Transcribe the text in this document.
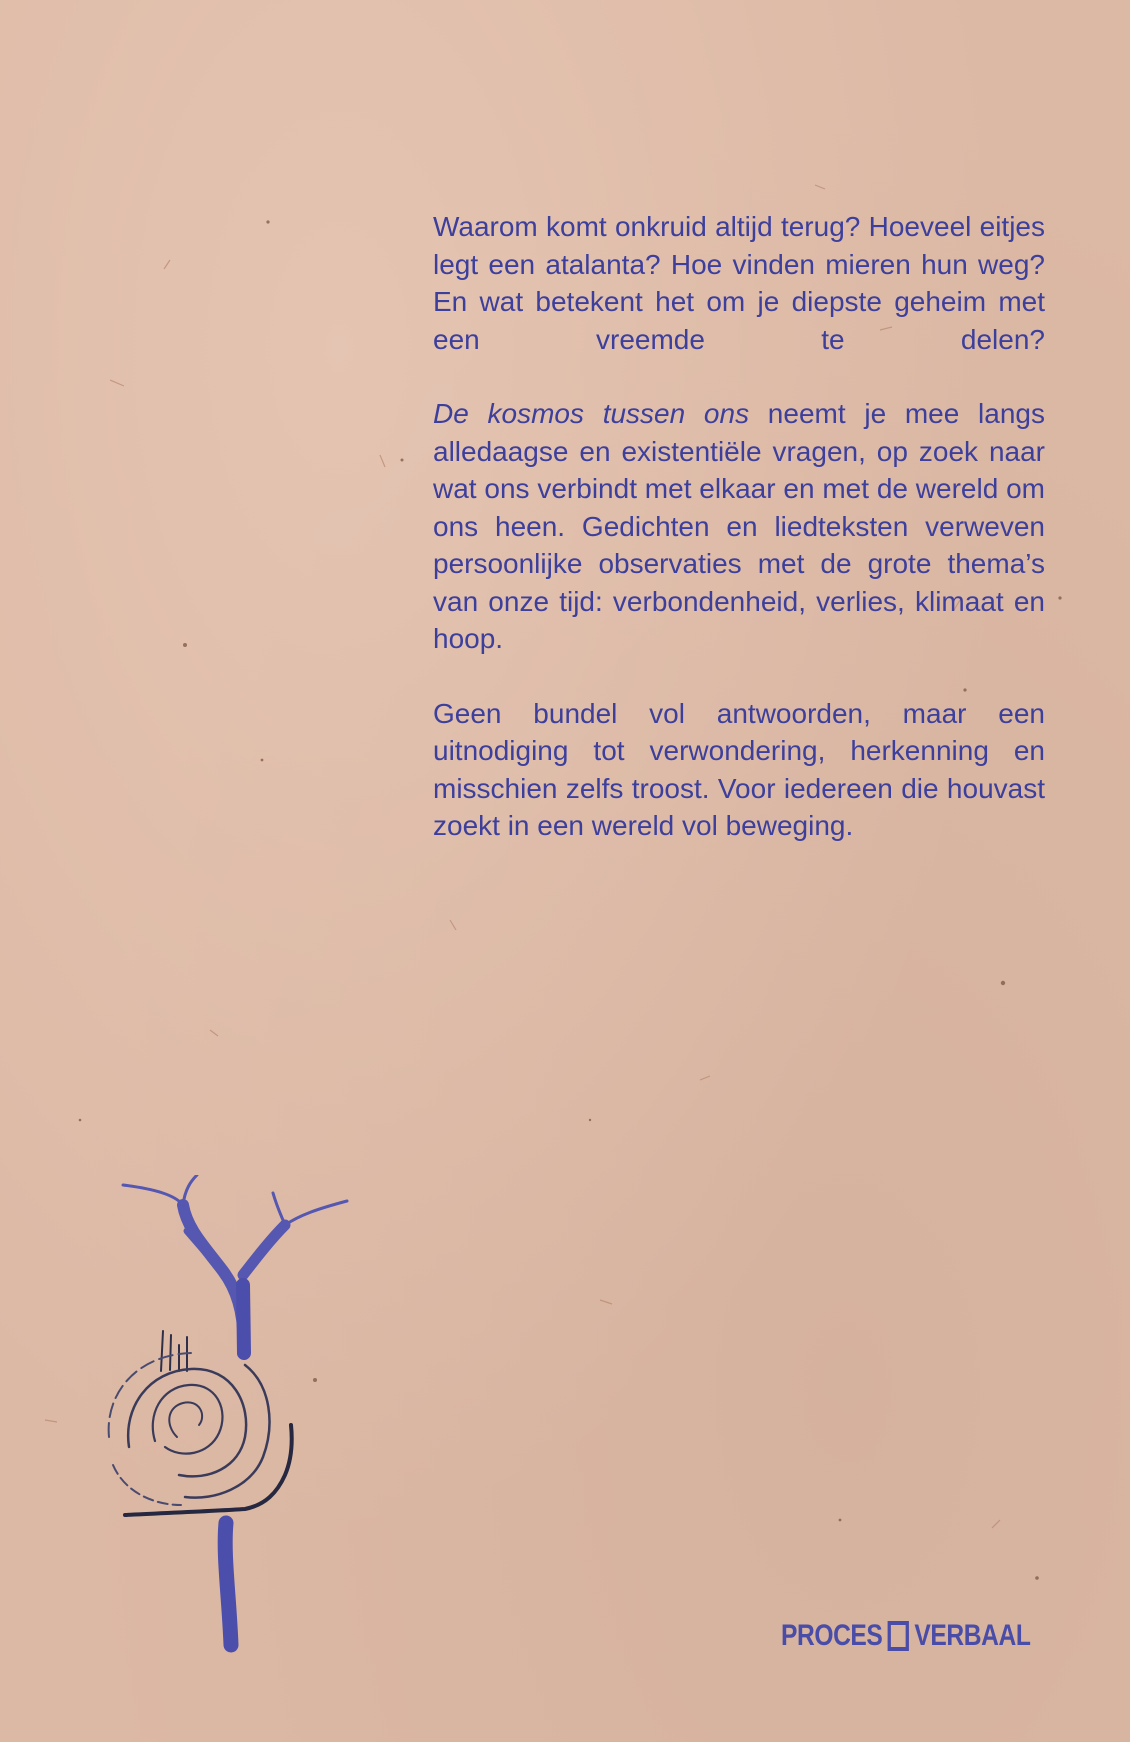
Waarom komt onkruid altijd terug? Hoeveel eitjes legt een atalanta? Hoe vinden mieren hun weg? En wat betekent het om je diepste geheim met een vreemde te delen?

De kosmos tussen ons neemt je mee langs alledaagse en existentiële vragen, op zoek naar wat ons verbindt met elkaar en met de wereld om ons heen. Gedichten en liedteksten verweven persoonlijke observaties met de grote thema’s van onze tijd: verbondenheid, verlies, klimaat en hoop.

Geen bundel vol antwoorden, maar een uitnodiging tot verwondering, herkenning en misschien zelfs troost. Voor iedereen die houvast zoekt in een wereld vol beweging.

PROCES VERBAAL
